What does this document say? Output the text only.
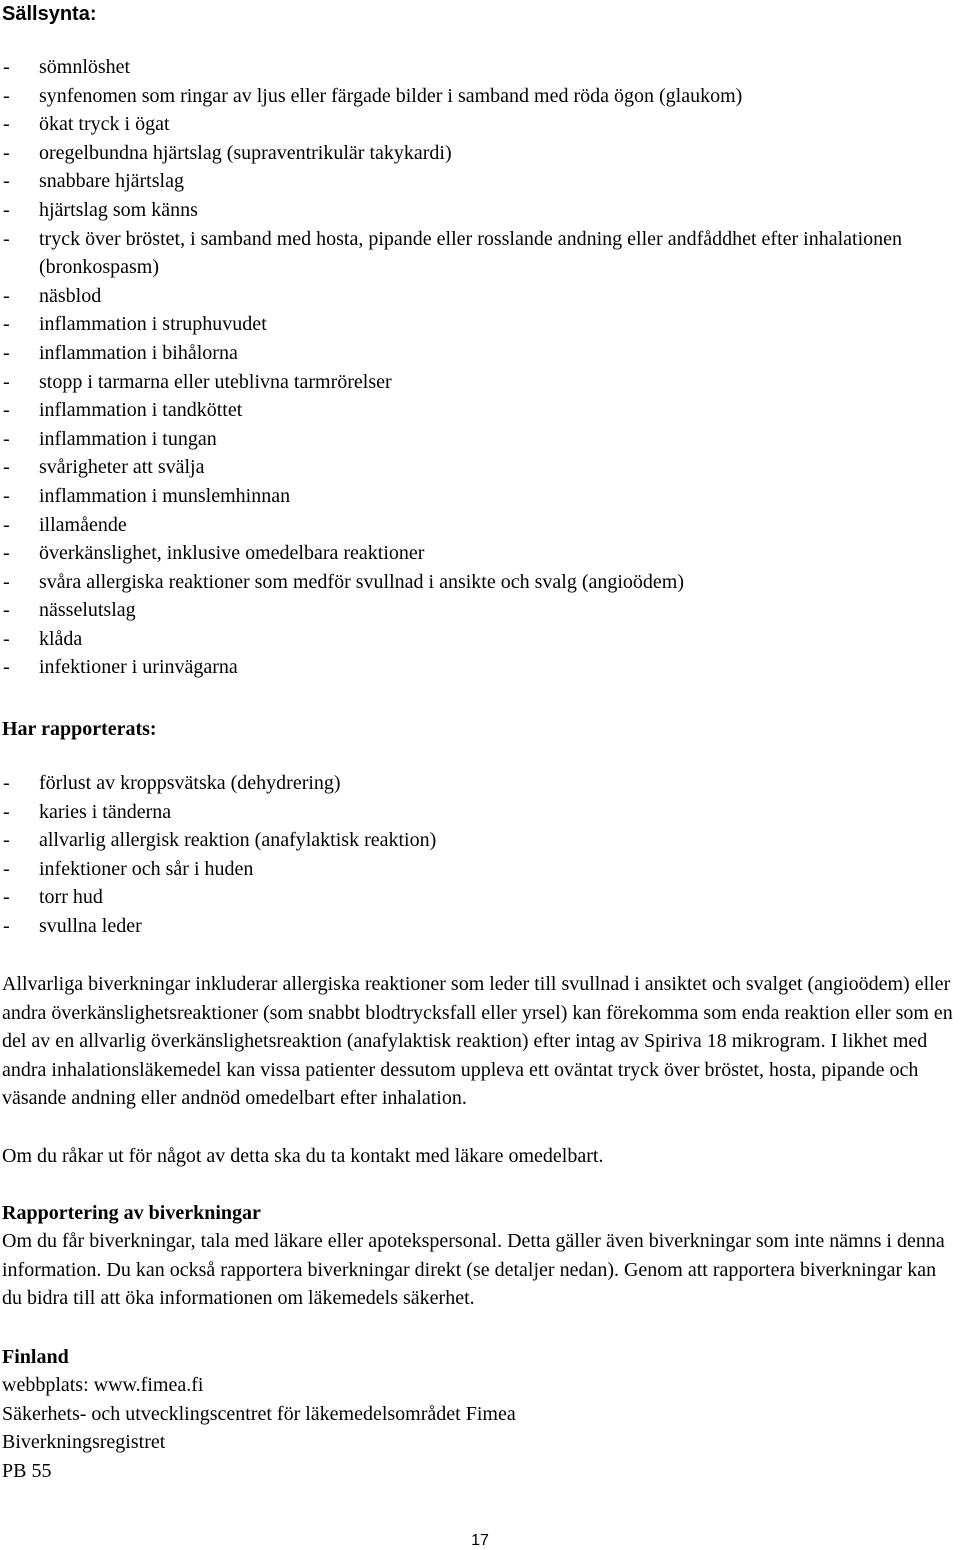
Sällsynta:
- sömnlöshet
- synfenomen som ringar av ljus eller färgade bilder i samband med röda ögon (glaukom)
- ökat tryck i ögat
- oregelbundna hjärtslag (supraventrikulär takykardi)
- snabbare hjärtslag
- hjärtslag som känns
- tryck över bröstet, i samband med hosta, pipande eller rosslande andning eller andfåddhet efter inhalationen (bronkospasm)
- näsblod
- inflammation i struphuvudet
- inflammation i bihålorna
- stopp i tarmarna eller uteblivna tarmrörelser
- inflammation i tandköttet
- inflammation i tungan
- svårigheter att svälja
- inflammation i munslemhinnan
- illamående
- överkänslighet, inklusive omedelbara reaktioner
- svåra allergiska reaktioner som medför svullnad i ansikte och svalg (angioödem)
- nässelutslag
- klåda
- infektioner i urinvägarna
Har rapporterats:
- förlust av kroppsvätska (dehydrering)
- karies i tänderna
- allvarlig allergisk reaktion (anafylaktisk reaktion)
- infektioner och sår i huden
- torr hud
- svullna leder

Allvarliga biverkningar inkluderar allergiska reaktioner som leder till svullnad i ansiktet och svalget (angioödem) eller andra överkänslighetsreaktioner (som snabbt blodtrycksfall eller yrsel) kan förekomma som enda reaktion eller som en del av en allvarlig överkänslighetsreaktion (anafylaktisk reaktion) efter intag av Spiriva 18 mikrogram. I likhet med andra inhalationsläkemedel kan vissa patienter dessutom uppleva ett oväntat tryck över bröstet, hosta, pipande och väsande andning eller andnöd omedelbart efter inhalation.

Om du råkar ut för något av detta ska du ta kontakt med läkare omedelbart.

Rapportering av biverkningar

Om du får biverkningar, tala med läkare eller apotekspersonal. Detta gäller även biverkningar som inte nämns i denna information. Du kan också rapportera biverkningar direkt (se detaljer nedan). Genom att rapportera biverkningar kan du bidra till att öka informationen om läkemedels säkerhet.

Finland
webbplats: www.fimea.fi
Säkerhets- och utvecklingscentret för läkemedelsområdet Fimea
Biverkningsregistret
PB 55
17
